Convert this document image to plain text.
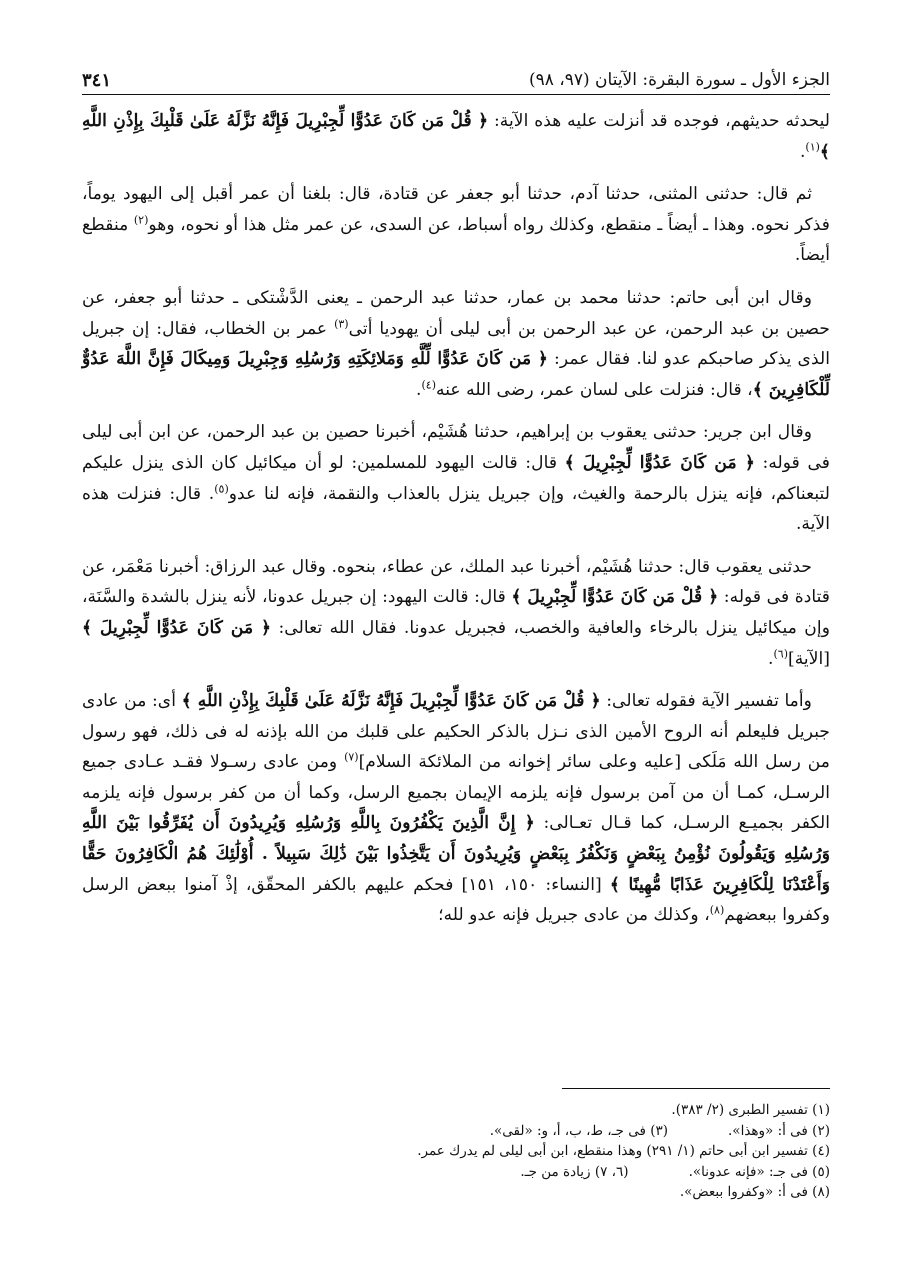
الجزء الأول ـ سورة البقرة: الآيتان (٩٧، ٩٨)
٣٤١

ليحدثه حديثهم، فوجده قد أنزلت عليه هذه الآية: ﴿ قُلْ مَن كَانَ عَدُوًّا لِّجِبْرِيلَ فَإِنَّهُ نَزَّلَهُ عَلَىٰ قَلْبِكَ بِإِذْنِ اللَّهِ ﴾$^{(١)}$.

ثم قال: حدثنى المثنى، حدثنا آدم، حدثنا أبو جعفر عن قتادة، قال: بلغنا أن عمر أقبل إلى اليهود يوماً، فذكر نحوه. وهذا ـ أيضاً ـ منقطع، وكذلك رواه أسباط، عن السدى، عن عمر مثل هذا أو نحوه، وهو$^{(٢)}$ منقطع أيضاً.

وقال ابن أبى حاتم: حدثنا محمد بن عمار، حدثنا عبد الرحمن ـ يعنى الدَّشْتكى ـ حدثنا أبو جعفر، عن حصين بن عبد الرحمن، عن عبد الرحمن بن أبى ليلى أن يهوديا أتى$^{(٣)}$ عمر بن الخطاب، فقال: إن جبريل الذى يذكر صاحبكم عدو لنا. فقال عمر: ﴿ مَن كَانَ عَدُوًّا لِّلَّهِ وَمَلائِكَتِهِ وَرُسُلِهِ وَجِبْرِيلَ وَمِيكَالَ فَإِنَّ اللَّهَ عَدُوٌّ لِّلْكَافِرِينَ ﴾، قال: فنزلت على لسان عمر، رضى الله عنه$^{(٤)}$.

وقال ابن جرير: حدثنى يعقوب بن إبراهيم، حدثنا هُشَيْم، أخبرنا حصين بن عبد الرحمن، عن ابن أبى ليلى فى قوله: ﴿ مَن كَانَ عَدُوًّا لِّجِبْرِيلَ ﴾ قال: قالت اليهود للمسلمين: لو أن ميكائيل كان الذى ينزل عليكم لتبعناكم، فإنه ينزل بالرحمة والغيث، وإن جبريل ينزل بالعذاب والنقمة، فإنه لنا عدو$^{(٥)}$. قال: فنزلت هذه الآية.

حدثنى يعقوب قال: حدثنا هُشَيْم، أخبرنا عبد الملك، عن عطاء، بنحوه. وقال عبد الرزاق: أخبرنا مَعْمَر، عن قتادة فى قوله: ﴿ قُلْ مَن كَانَ عَدُوًّا لِّجِبْرِيلَ ﴾ قال: قالت اليهود: إن جبريل عدونا، لأنه ينزل بالشدة والسَّنَة، وإن ميكائيل ينزل بالرخاء والعافية والخصب، فجبريل عدونا. فقال الله تعالى: ﴿ مَن كَانَ عَدُوًّا لِّجِبْرِيلَ ﴾ [الآية]$^{(٦)}$.

وأما تفسير الآية فقوله تعالى: ﴿ قُلْ مَن كَانَ عَدُوًّا لِّجِبْرِيلَ فَإِنَّهُ نَزَّلَهُ عَلَىٰ قَلْبِكَ بِإِذْنِ اللَّهِ ﴾ أى: من عادى جبريل فليعلم أنه الروح الأمين الذى نـزل بالذكر الحكيم على قلبك من الله بإذنه له فى ذلك، فهو رسول من رسل الله مَلَكى [عليه وعلى سائر إخوانه من الملائكة السلام]$^{(٧)}$ ومن عادى رسـولا فقـد عـادى جميع الرسـل، كمـا أن من آمن برسول فإنه يلزمه الإيمان بجميع الرسل، وكما أن من كفر برسول فإنه يلزمه الكفر بجميـع الرسـل، كما قـال تعـالى: ﴿ إِنَّ الَّذِينَ يَكْفُرُونَ بِاللَّهِ وَرُسُلِهِ وَيُرِيدُونَ أَن يُفَرِّقُوا بَيْنَ اللَّهِ وَرُسُلِهِ وَيَقُولُونَ نُؤْمِنُ بِبَعْضٍ وَنَكْفُرُ بِبَعْضٍ وَيُرِيدُونَ أَن يَتَّخِذُوا بَيْنَ ذَٰلِكَ سَبِيلاً . أُوْلَٰئِكَ هُمُ الْكَافِرُونَ حَقًّا وَأَعْتَدْنَا لِلْكَافِرِينَ عَذَابًا مُّهِينًا ﴾ [النساء: ١٥٠، ١٥١] فحكم عليهم بالكفر المحقّق، إذْ آمنوا ببعض الرسل وكفروا ببعضهم$^{(٨)}$، وكذلك من عادى جبريل فإنه عدو لله؛

(١) تفسير الطبرى (٢/ ٣٨٣).
(٢) فى أ: «وهذا».(٣) فى جـ، ط، ب، أ، و: «لقى».
(٤) تفسير ابن أبى حاتم (١/ ٢٩١) وهذا منقطع، ابن أبى ليلى لم يدرك عمر.
(٥) فى جـ: «فإنه عدونا».(٦، ٧) زيادة من جـ.
(٨) فى أ: «وكفروا ببعض».
